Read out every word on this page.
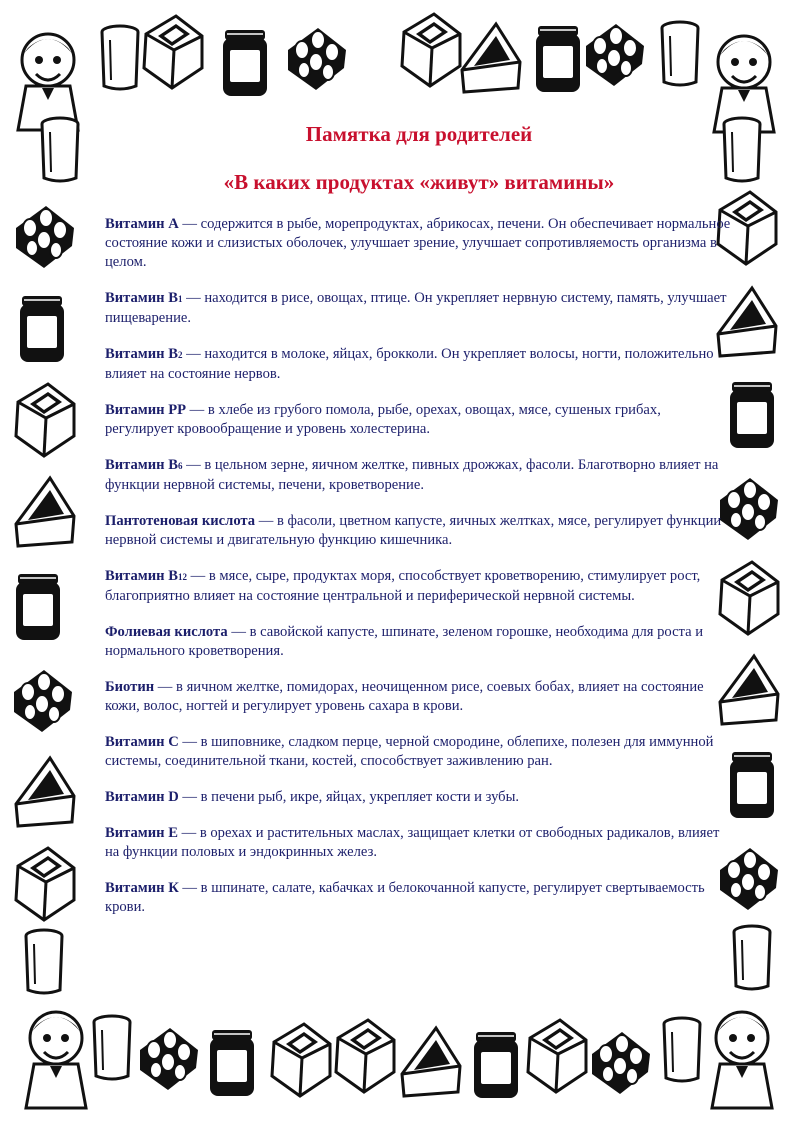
Памятка для родителей

«В каких продуктах «живут» витамины»

Витамин А — содержится в рыбе, морепродуктах, абрикосах, печени. Он обеспечивает нормальное состояние кожи и слизистых оболочек, улучшает зрение, улучшает сопротивляемость организма в целом.

Витамин В1 — находится в рисе, овощах, птице. Он укрепляет нервную систему, память, улучшает пищеварение.

Витамин В2 — находится в молоке, яйцах, брокколи. Он укрепляет волосы, ногти, положительно влияет на состояние нервов.

Витамин РР — в хлебе из грубого помола, рыбе, орехах, овощах, мясе, сушеных грибах, регулирует кровообращение и уровень холестерина.

Витамин В6 — в цельном зерне, яичном желтке, пивных дрожжах, фасоли. Благотворно влияет на функции нервной системы, печени, кроветворение.

Пантотеновая кислота — в фасоли, цветном капусте, яичных желтках, мясе, регулирует функции нервной системы и двигательную функцию кишечника.

Витамин В12 — в мясе, сыре, продуктах моря, способствует кроветворению, стимулирует рост, благоприятно влияет на состояние центральной и периферической нервной системы.

Фолиевая кислота — в савойской капусте, шпинате, зеленом горошке, необходима для роста и нормального кроветворения.

Биотин — в яичном желтке, помидорах, неочищенном рисе, соевых бобах, влияет на состояние кожи, волос, ногтей и регулирует уровень сахара в крови.

Витамин С — в шиповнике, сладком перце, черной смородине, облепихе, полезен для иммунной системы, соединительной ткани, костей, способствует заживлению ран.

Витамин D — в печени рыб, икре, яйцах, укрепляет кости и зубы.

Витамин Е — в орехах и растительных маслах, защищает клетки от свободных радикалов, влияет на функции половых и эндокринных желез.

Витамин К — в шпинате, салате, кабачках и белокочанной капусте, регулирует свертываемость крови.
